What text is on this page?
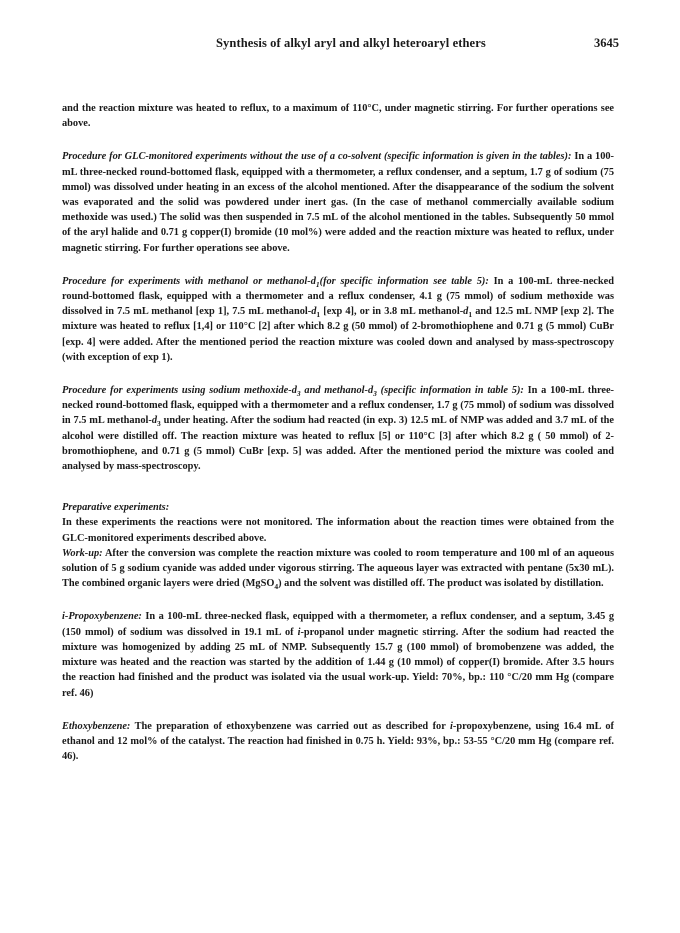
Synthesis of alkyl aryl and alkyl heteroaryl ethers	3645

and the reaction mixture was heated to reflux, to a maximum of 110°C, under magnetic stirring. For further operations see above.

Procedure for GLC-monitored experiments without the use of a co-solvent (specific information is given in the tables): In a 100-mL three-necked round-bottomed flask, equipped with a thermometer, a reflux condenser, and a septum, 1.7 g of sodium (75 mmol) was dissolved under heating in an excess of the alcohol mentioned. After the disappearance of the sodium the solvent was evaporated and the solid was powdered under inert gas. (In the case of methanol commercially available sodium methoxide was used.) The solid was then suspended in 7.5 mL of the alcohol mentioned in the tables. Subsequently 50 mmol of the aryl halide and 0.71 g copper(I) bromide (10 mol%) were added and the reaction mixture was heated to reflux, under magnetic stirring. For further operations see above.

Procedure for experiments with methanol or methanol-$d_1(for$ specific information see table 5): In a 100-mL three-necked round-bottomed flask, equipped with a thermometer and a reflux condenser, 4.1 g (75 mmol) of sodium methoxide was dissolved in 7.5 mL methanol [exp 1], 7.5 mL methanol-$d_1$ [exp 4], or in 3.8 mL methanol-$d_1$ and 12.5 mL NMP [exp 2]. The mixture was heated to reflux [1,4] or 110°C [2] after which 8.2 g (50 mmol) of 2-bromothiophene and 0.71 g (5 mmol) CuBr [exp. 4] were added. After the mentioned period the reaction mixture was cooled down and analysed by mass-spectroscopy (with exception of exp 1).

Procedure for experiments using sodium methoxide-$d_3$ and methanol-$d_3$ (specific information in table 5): In a 100-mL three-necked round-bottomed flask, equipped with a thermometer and a reflux condenser, 1.7 g (75 mmol) of sodium was dissolved in 7.5 mL methanol-$d_3$ under heating. After the sodium had reacted (in exp. 3) 12.5 mL of NMP was added and 3.7 mL of the alcohol were distilled off. The reaction mixture was heated to reflux [5] or 110°C [3] after which 8.2 g ( 50 mmol) of 2-bromothiophene, and 0.71 g (5 mmol) CuBr [exp. 5] was added. After the mentioned period the mixture was cooled and analysed by mass-spectroscopy.

Preparative experiments:

In these experiments the reactions were not monitored. The information about the reaction times were obtained from the GLC-monitored experiments described above.

Work-up: After the conversion was complete the reaction mixture was cooled to room temperature and 100 ml of an aqueous solution of 5 g sodium cyanide was added under vigorous stirring. The aqueous layer was extracted with pentane (5x30 mL). The combined organic layers were dried (MgSO$_4$) and the solvent was distilled off. The product was isolated by distillation.

i-Propoxybenzene: In a 100-mL three-necked flask, equipped with a thermometer, a reflux condenser, and a septum, 3.45 g (150 mmol) of sodium was dissolved in 19.1 mL of i-propanol under magnetic stirring. After the sodium had reacted the mixture was homogenized by adding 25 mL of NMP. Subsequently 15.7 g (100 mmol) of bromobenzene was added, the mixture was heated and the reaction was started by the addition of 1.44 g (10 mmol) of copper(I) bromide. After 3.5 hours the reaction had finished and the product was isolated via the usual work-up. Yield: 70%, bp.: 110 °C/20 mm Hg (compare ref. 46)

Ethoxybenzene: The preparation of ethoxybenzene was carried out as described for i-propoxybenzene, using 16.4 mL of ethanol and 12 mol% of the catalyst. The reaction had finished in 0.75 h. Yield: 93%, bp.: 53-55 °C/20 mm Hg (compare ref. 46).
